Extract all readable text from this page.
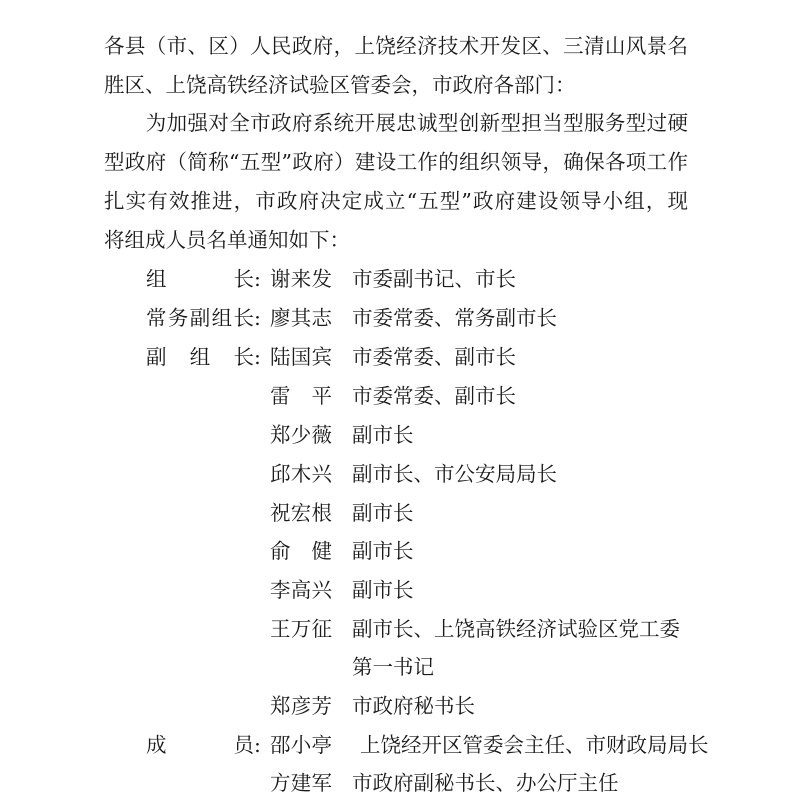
各县（市、区）人民政府，上饶经济技术开发区、三清山风景名
胜区、上饶高铁经济试验区管委会，市政府各部门：
　　为加强对全市政府系统开展忠诚型创新型担当型服务型过硬
型政府（简称“五型”政府）建设工作的组织领导，确保各项工作
扎实有效推进，市政府决定成立“五型”政府建设领导小组，现
将组成人员名单通知如下：
组长 : 谢来发 市委副书记、市长
常务副组长 : 廖其志 市委常委、常务副市长
副组长 : 陆国宾 市委常委、副市长
雷平 市委常委、副市长
郑少薇 副市长
邱木兴 副市长、市公安局局长
祝宏根 副市长
俞健 副市长
李高兴 副市长
王万征 副市长、上饶高铁经济试验区党工委
第一书记
郑彦芳 市政府秘书长
成员 : 邵小亭 上饶经开区管委会主任、市财政局局长
方建军 市政府副秘书长、办公厅主任
